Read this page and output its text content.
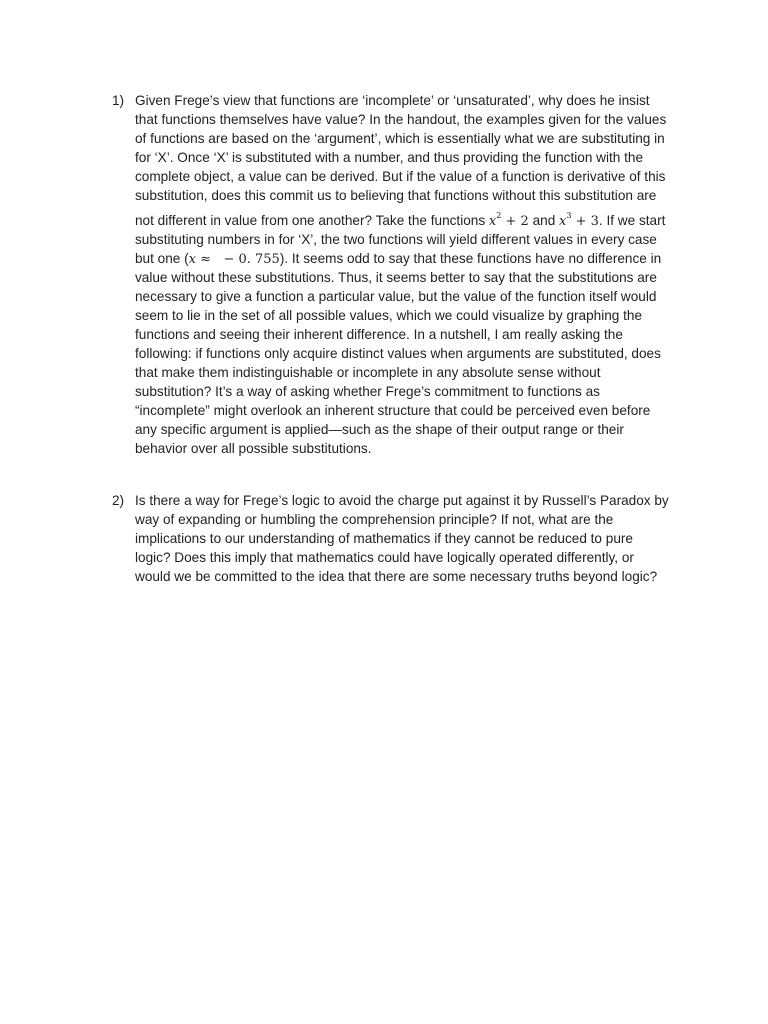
1) Given Frege’s view that functions are ‘incomplete’ or ‘unsaturated’, why does he insist
that functions themselves have value? In the handout, the examples given for the values
of functions are based on the ‘argument’, which is essentially what we are substituting in
for ‘X’. Once ‘X’ is substituted with a number, and thus providing the function with the
complete object, a value can be derived. But if the value of a function is derivative of this
substitution, does this commit us to believing that functions without this substitution are
not different in value from one another? Take the functions $x^2 + 2$ and $x^3 + 3$. If we start
substituting numbers in for ‘X’, the two functions will yield different values in every case
but one (x ≈   − 0. 755). It seems odd to say that these functions have no difference in
value without these substitutions. Thus, it seems better to say that the substitutions are
necessary to give a function a particular value, but the value of the function itself would
seem to lie in the set of all possible values, which we could visualize by graphing the
functions and seeing their inherent difference. In a nutshell, I am really asking the
following: if functions only acquire distinct values when arguments are substituted, does
that make them indistinguishable or incomplete in any absolute sense without
substitution? It’s a way of asking whether Frege’s commitment to functions as
“incomplete” might overlook an inherent structure that could be perceived even before
any specific argument is applied—such as the shape of their output range or their
behavior over all possible substitutions.
2) Is there a way for Frege’s logic to avoid the charge put against it by Russell’s Paradox by
way of expanding or humbling the comprehension principle? If not, what are the
implications to our understanding of mathematics if they cannot be reduced to pure
logic? Does this imply that mathematics could have logically operated differently, or
would we be committed to the idea that there are some necessary truths beyond logic?
